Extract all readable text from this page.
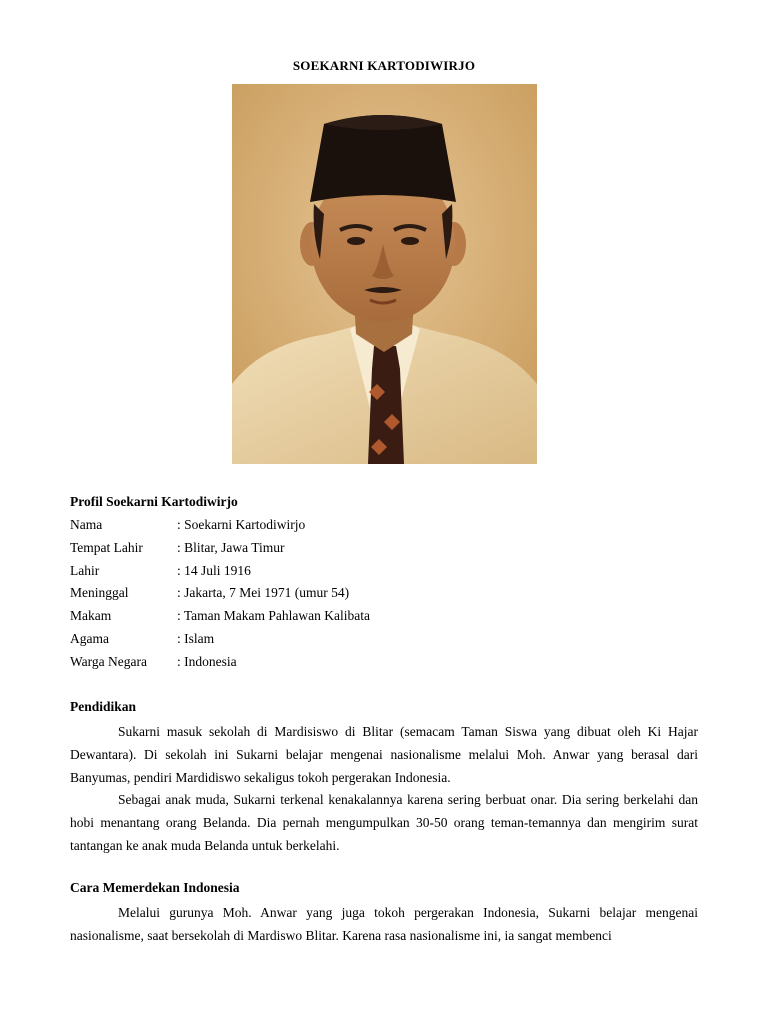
SOEKARNI KARTODIWIRJO
Profil Soekarni Kartodiwirjo
Nama	: Soekarni Kartodiwirjo
Tempat Lahir	: Blitar, Jawa Timur
Lahir	: 14 Juli 1916
Meninggal	: Jakarta, 7 Mei 1971 (umur 54)
Makam	: Taman Makam Pahlawan Kalibata
Agama	: Islam
Warga Negara	: Indonesia
Pendidikan

Sukarni masuk sekolah di Mardisiswo di Blitar (semacam Taman Siswa yang dibuat oleh Ki Hajar Dewantara). Di sekolah ini Sukarni belajar mengenai nasionalisme melalui Moh. Anwar yang berasal dari Banyumas, pendiri Mardidiswo sekaligus tokoh pergerakan Indonesia.

Sebagai anak muda, Sukarni terkenal kenakalannya karena sering berbuat onar. Dia sering berkelahi dan hobi menantang orang Belanda. Dia pernah mengumpulkan 30-50 orang teman-temannya dan mengirim surat tantangan ke anak muda Belanda untuk berkelahi.

Cara Memerdekan Indonesia

Melalui gurunya Moh. Anwar yang juga tokoh pergerakan Indonesia, Sukarni belajar mengenai nasionalisme, saat bersekolah di Mardiswo Blitar. Karena rasa nasionalisme ini, ia sangat membenci
